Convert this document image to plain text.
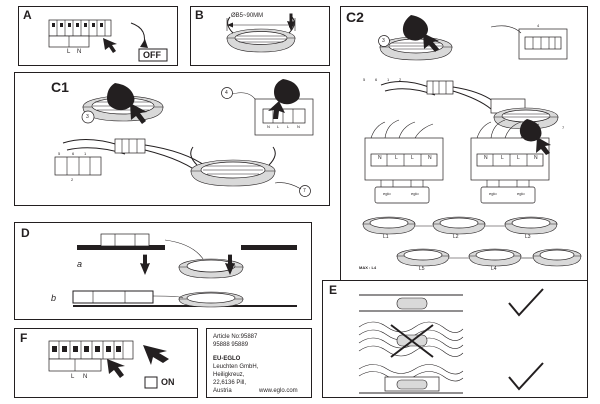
A
L N	OFF
B	ØB5~90MM	C2
3
5 6 1 2
4
7
N	L	L	N	N	L	L	N
eglo	eglo	eglo	eglo
L1	L2	L3
L5	L4
MAX : L4
C1
3
5	6 1
2
4
7
N L L N
D
a
b
E
F
L N	ON
Article No:95887
95888 95889
EU-EGLO
Leuchten GmbH,
Heiligkreuz,
22,6136 Pill,
Austria	www.eglo.com
